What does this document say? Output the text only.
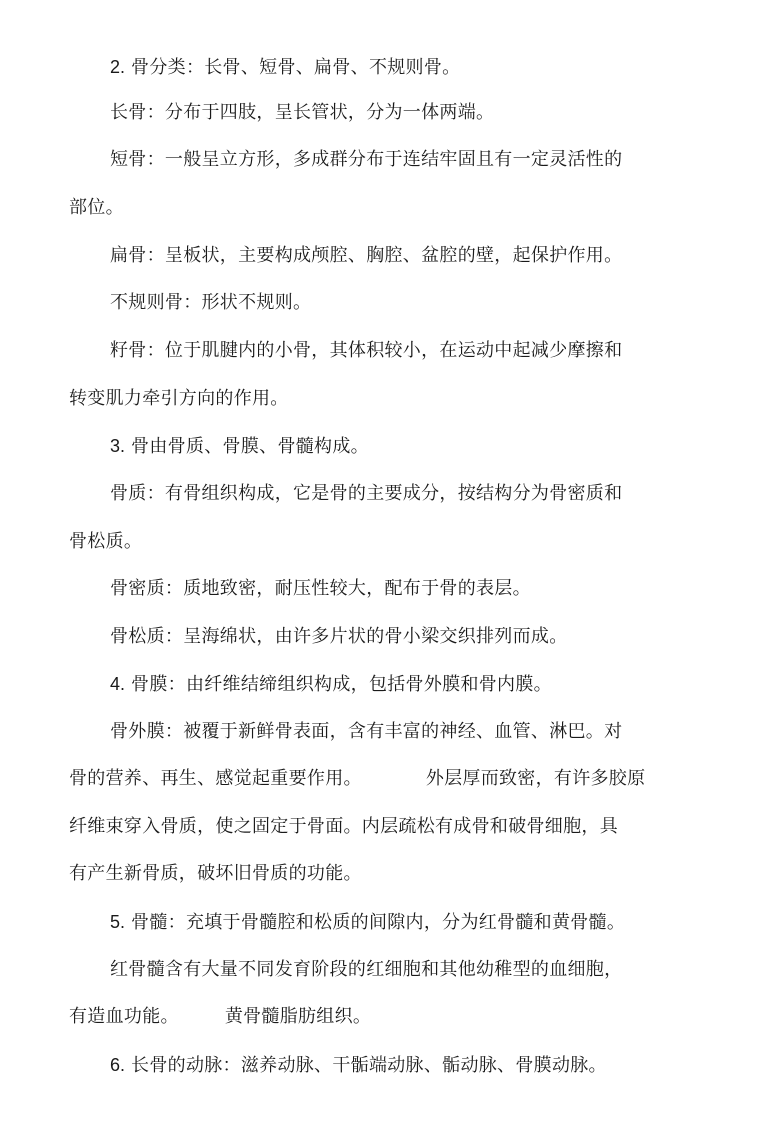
2. 骨分类：长骨、短骨、扁骨、不规则骨。
长骨：分布于四肢，呈长管状，分为一体两端。
短骨：一般呈立方形，多成群分布于连结牢固且有一定灵活性的
部位。
扁骨：呈板状，主要构成颅腔、胸腔、盆腔的壁，起保护作用。
不规则骨：形状不规则。
籽骨：位于肌腱内的小骨，其体积较小，在运动中起减少摩擦和
转变肌力牵引方向的作用。
3. 骨由骨质、骨膜、骨髓构成。
骨质：有骨组织构成，它是骨的主要成分，按结构分为骨密质和
骨松质。
骨密质：质地致密，耐压性较大，配布于骨的表层。
骨松质：呈海绵状，由许多片状的骨小梁交织排列而成。
4. 骨膜：由纤维结缔组织构成，包括骨外膜和骨内膜。
骨外膜：被覆于新鲜骨表面，含有丰富的神经、血管、淋巴。对
骨的营养、再生、感觉起重要作用。	外层厚而致密，有许多胶原
纤维束穿入骨质，使之固定于骨面。内层疏松有成骨和破骨细胞，具
有产生新骨质，破坏旧骨质的功能。
5. 骨髓：充填于骨髓腔和松质的间隙内，分为红骨髓和黄骨髓。
红骨髓含有大量不同发育阶段的红细胞和其他幼稚型的血细胞，
有造血功能。	黄骨髓脂肪组织。
6. 长骨的动脉：滋养动脉、干骺端动脉、骺动脉、骨膜动脉。
